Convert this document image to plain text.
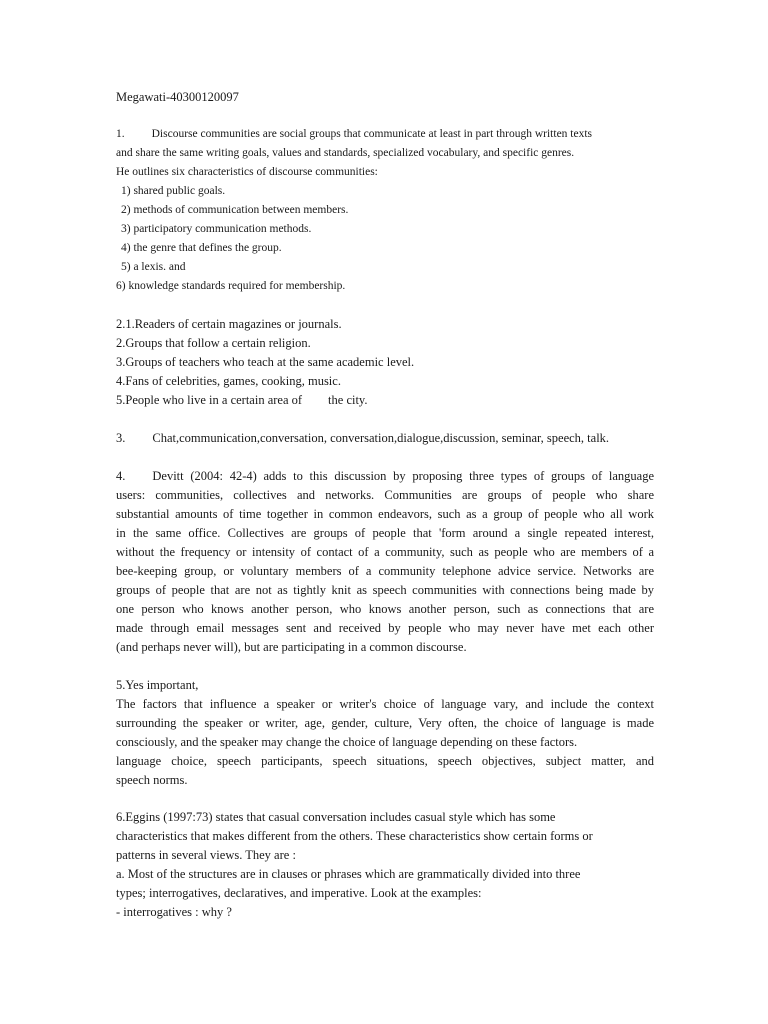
Megawati-40300120097
1. Discourse communities are social groups that communicate at least in part through written texts
and share the same writing goals, values and standards, specialized vocabulary, and specific genres.
He outlines six characteristics of discourse communities:
1) shared public goals.
2) methods of communication between members.
3) participatory communication methods.
4) the genre that defines the group.
5) a lexis. and
6) knowledge standards required for membership.
2.1.Readers of certain magazines or journals.
2.Groups that follow a certain religion.
3.Groups of teachers who teach at the same academic level.
4.Fans of celebrities, games, cooking, music.
5.People who live in a certain area of the city.
3. Chat,communication,conversation, conversation,dialogue,discussion, seminar, speech, talk.
4. Devitt (2004: 42-4) adds to this discussion by proposing three types of groups of language
users: communities, collectives and networks. Communities are groups of people who share
substantial amounts of time together in common endeavors, such as a group of people who all work
in the same office. Collectives are groups of people that 'form around a single repeated interest,
without the frequency or intensity of contact of a community, such as people who are members of a
bee-keeping group, or voluntary members of a community telephone advice service. Networks are
groups of people that are not as tightly knit as speech communities with connections being made by
one person who knows another person, who knows another person, such as connections that are
made through email messages sent and received by people who may never have met each other
(and perhaps never will), but are participating in a common discourse.
5.Yes important,
The factors that influence a speaker or writer's choice of language vary, and include the context
surrounding the speaker or writer, age, gender, culture, Very often, the choice of language is made
consciously, and the speaker may change the choice of language depending on these factors.
language choice, speech participants, speech situations, speech objectives, subject matter, and
speech norms.
6.Eggins (1997:73) states that casual conversation includes casual style which has some
characteristics that makes different from the others. These characteristics show certain forms or
patterns in several views. They are :
a. Most of the structures are in clauses or phrases which are grammatically divided into three
types; interrogatives, declaratives, and imperative. Look at the examples:
- interrogatives : why ?
